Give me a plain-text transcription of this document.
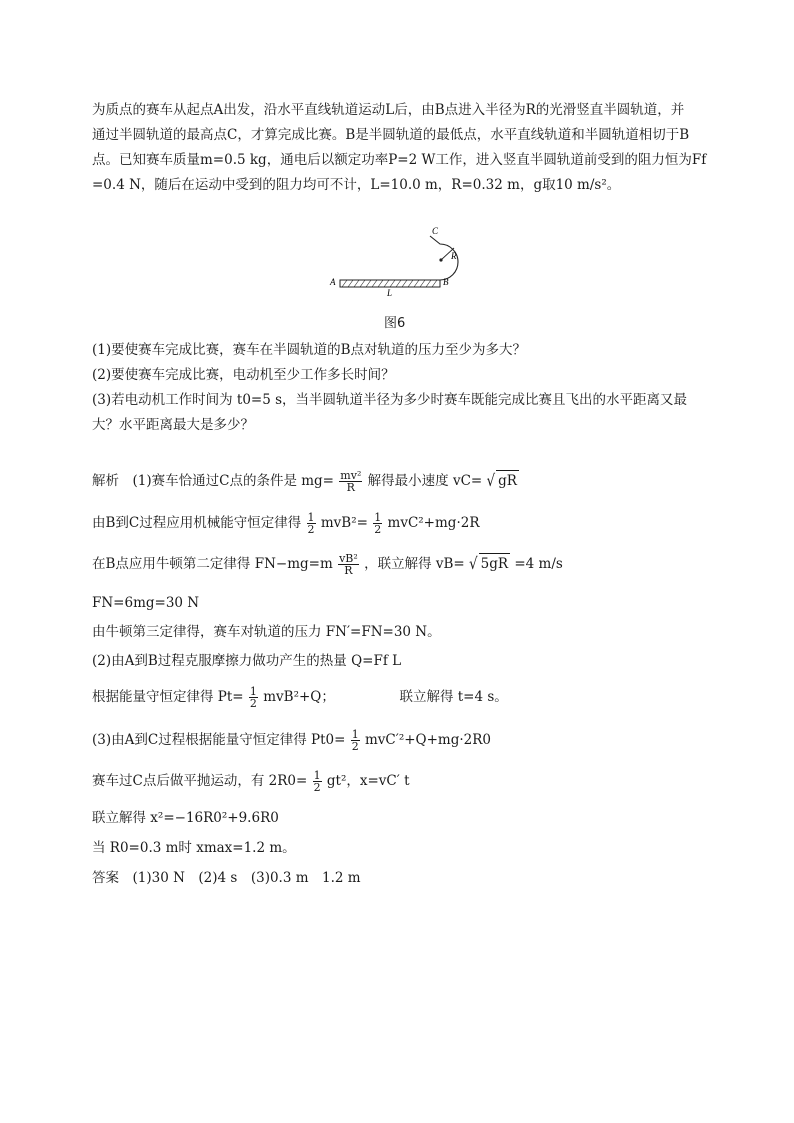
为质点的赛车从起点A出发，沿水平直线轨道运动L后，由B点进入半径为R的光滑竖直半圆轨道，并
通过半圆轨道的最高点C，才算完成比赛。B是半圆轨道的最低点，水平直线轨道和半圆轨道相切于B
点。已知赛车质量m=0.5 kg，通电后以额定功率P=2 W工作，进入竖直半圆轨道前受到的阻力恒为Ff
=0.4 N，随后在运动中受到的阻力均可不计，L=10.0 m，R=0.32 m，g取10 m/s²。
A	B
C
R
L
图6
(1)要使赛车完成比赛，赛车在半圆轨道的B点对轨道的压力至少为多大？
(2)要使赛车完成比赛，电动机至少工作多长时间？
(3)若电动机工作时间为 t0=5 s，当半圆轨道半径为多少时赛车既能完成比赛且飞出的水平距离又最
大？水平距离最大是多少？
解析　(1)赛车恰通过C点的条件是 $mg= \frac{\text{mv²}}{R}$ 解得最小速度 vC= √ gR
由B到C过程应用机械能守恒定律得 $\frac{1}{2} mvB^2= \frac{1}{2} mvC^2+mg\cdot 2R$
在B点应用牛顿第二定律得 $FN-mg=m \frac{\text{vB²}}{R}$ ，联立解得 vB= √ 5gR =4 m/s
FN=6mg=30 N
由牛顿第三定律得，赛车对轨道的压力 FN′=FN=30 N。
(2)由A到B过程克服摩擦力做功产生的热量 Q=Ff L
根据能量守恒定律得 $Pt= \frac{1}{2} mvB^2+Q$；	联立解得 t=4 s。
(3)由A到C过程根据能量守恒定律得 $Pt0= \frac{1}{2} mvC'^2+Q+mg\cdot 2R0$
赛车过C点后做平抛运动，有 $2R0= \frac{1}{2} gt^2$，x=vC′ t
联立解得 x²=−16R0²+9.6R0
当 R0=0.3 m时 xmax=1.2 m。
答案　(1)30 N　(2)4 s　(3)0.3 m　1.2 m
